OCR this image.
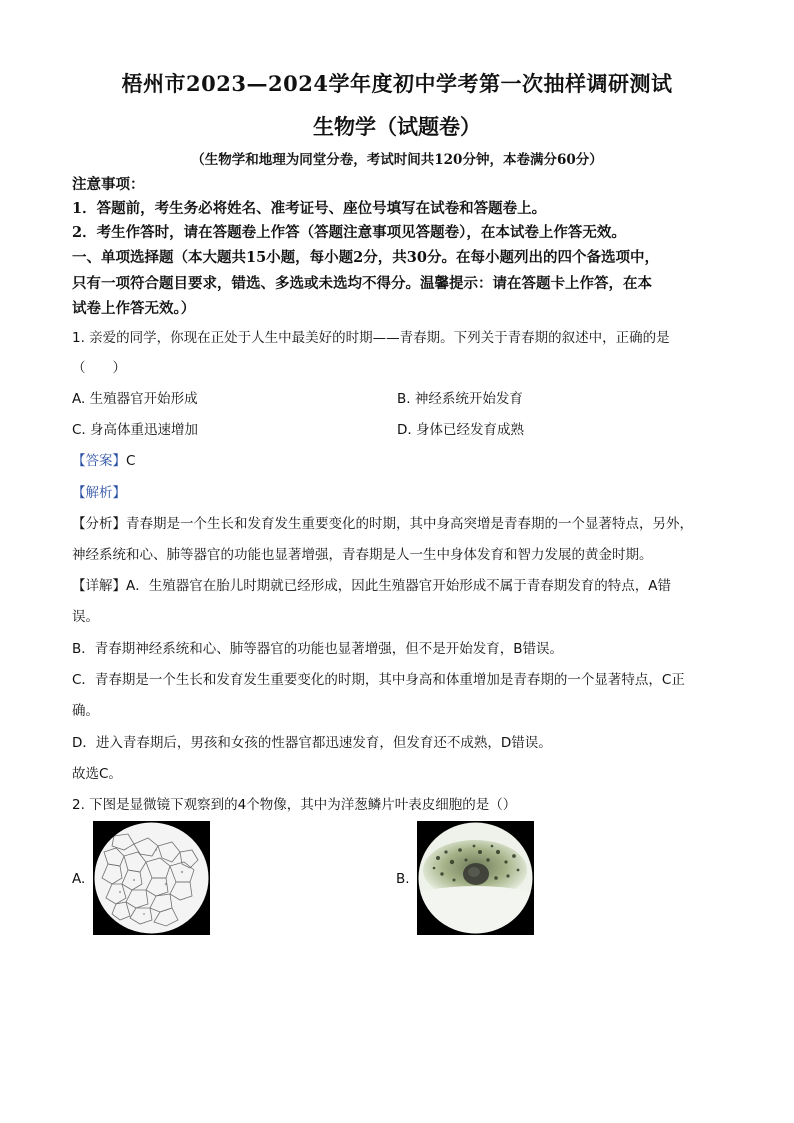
梧州市2023—2024学年度初中学考第一次抽样调研测试
生物学（试题卷）
（生物学和地理为同堂分卷，考试时间共120分钟，本卷满分60分）
注意事项：
1．答题前，考生务必将姓名、准考证号、座位号填写在试卷和答题卷上。
2．考生作答时，请在答题卷上作答（答题注意事项见答题卷），在本试卷上作答无效。
一、单项选择题（本大题共15小题，每小题2分，共30分。在每小题列出的四个备选项中，
只有一项符合题目要求，错选、多选或未选均不得分。温馨提示：请在答题卡上作答，在本
试卷上作答无效。）
1. 亲爱的同学，你现在正处于人生中最美好的时期——青春期。下列关于青春期的叙述中，正确的是
（　　）
A. 生殖器官开始形成	B. 神经系统开始发育
C. 身高体重迅速增加	D. 身体已经发育成熟
【答案】C
【解析】
【分析】青春期是一个生长和发育发生重要变化的时期，其中身高突增是青春期的一个显著特点，另外，
神经系统和心、肺等器官的功能也显著增强，青春期是人一生中身体发育和智力发展的黄金时期。
【详解】A．生殖器官在胎儿时期就已经形成，因此生殖器官开始形成不属于青春期发育的特点，A错
误。
B．青春期神经系统和心、肺等器官的功能也显著增强，但不是开始发育，B错误。
C．青春期是一个生长和发育发生重要变化的时期，其中身高和体重增加是青春期的一个显著特点，C正
确。
D．进入青春期后，男孩和女孩的性器官都迅速发育，但发育还不成熟，D错误。
故选C。
2. 下图是显微镜下观察到的4个物像，其中为洋葱鳞片叶表皮细胞的是（）
A.	B.
